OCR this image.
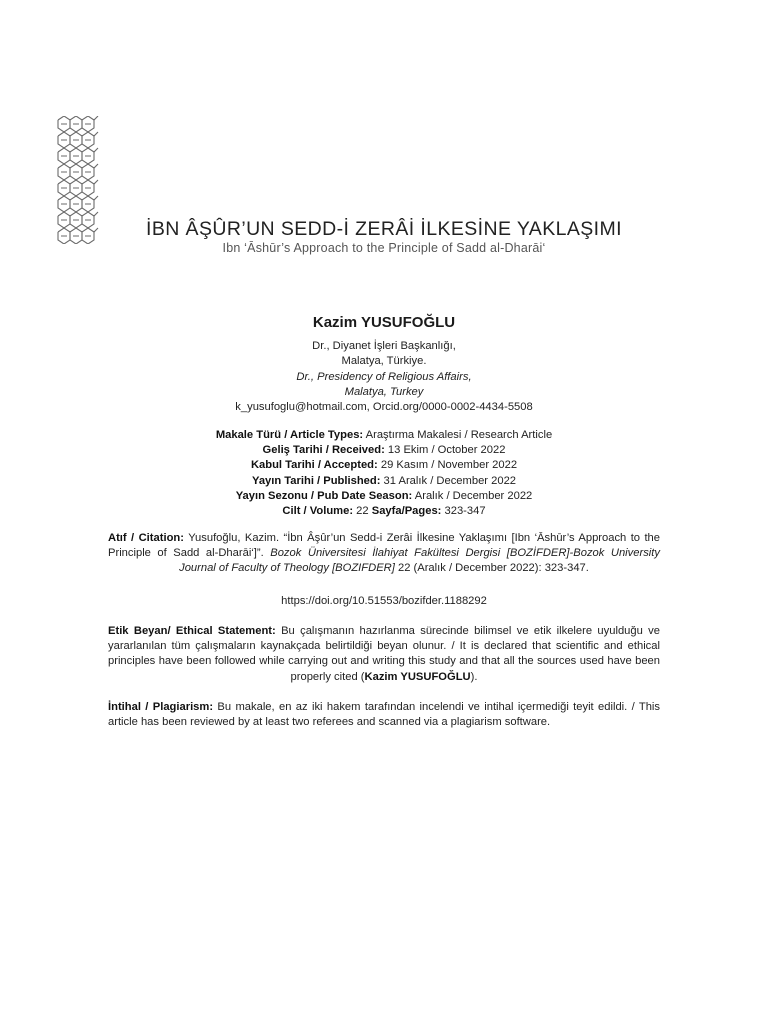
İBN ÂŞÛR’UN SEDD-İ ZERÂİ İLKESİNE YAKLAŞIMI
Ibn ‘Āshūr’s Approach to the Principle of Sadd al-Dharāi‘
Kazim YUSUFOĞLU
Dr., Diyanet İşleri Başkanlığı,
Malatya, Türkiye.
Dr., Presidency of Religious Affairs,
Malatya, Turkey
k_yusufoglu@hotmail.com, Orcid.org/0000-0002-4434-5508
Makale Türü / Article Types: Araştırma Makalesi / Research Article
Geliş Tarihi / Received: 13 Ekim / October 2022
Kabul Tarihi / Accepted: 29 Kasım / November 2022
Yayın Tarihi / Published: 31 Aralık / December 2022
Yayın Sezonu / Pub Date Season: Aralık / December 2022
Cilt / Volume: 22 Sayfa/Pages: 323-347
Atıf / Citation: Yusufoğlu, Kazim. “İbn Âşûr’un Sedd-i Zerâi İlkesine Yaklaşımı [Ibn ‘Āshūr’s Approach to the Principle of Sadd al-Dharāi‘]”. Bozok Üniversitesi İlahiyat Fakültesi Dergisi [BOZİFDER]-Bozok University Journal of Faculty of Theology [BOZIFDER] 22 (Aralık / December 2022): 323-347.
https://doi.org/10.51553/bozifder.1188292
Etik Beyan/ Ethical Statement: Bu çalışmanın hazırlanma sürecinde bilimsel ve etik ilkelere uyulduğu ve yararlanılan tüm çalışmaların kaynakçada belirtildiği beyan olunur. / It is declared that scientific and ethical principles have been followed while carrying out and writing this study and that all the sources used have been properly cited (Kazim YUSUFOĞLU).
İntihal / Plagiarism: Bu makale, en az iki hakem tarafından incelendi ve intihal içermediği teyit edildi. / This article has been reviewed by at least two referees and scanned via a plagiarism software.
